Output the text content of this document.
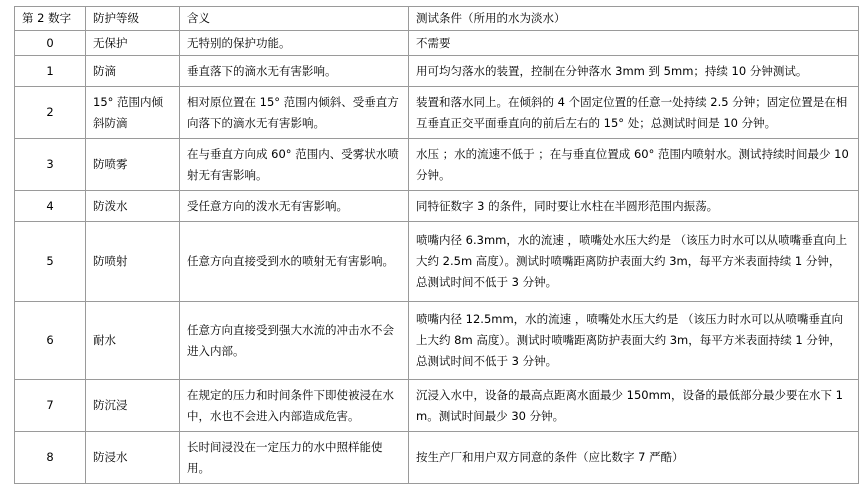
第 2 数字	防护等级	含义	测试条件（所用的水为淡水）
0	无保护	无特别的保护功能。	不需要
1	防滴	垂直落下的滴水无有害影响。	用可均匀落水的装置，控制在分钟落水 3mm 到 5mm；持续 10 分钟测试。
2	15° 范围内倾斜防滴	相对原位置在 15° 范围内倾斜、受垂直方向落下的滴水无有害影响。	装置和落水同上。在倾斜的 4 个固定位置的任意一处持续 2.5 分钟；固定位置是在相互垂直正交平面垂直向的前后左右的 15° 处；总测试时间是 10 分钟。
3	防喷雾	在与垂直方向成 60° 范围内、受雾状水喷射无有害影响。	水压 ；水的流速不低于 ；在与垂直位置成 60° 范围内喷射水。测试持续时间最少 10 分钟。
4	防泼水	受任意方向的泼水无有害影响。	同特征数字 3 的条件，同时要让水柱在半圆形范围内振荡。
5	防喷射	任意方向直接受到水的喷射无有害影响。	喷嘴内径 6.3mm，水的流速 ，喷嘴处水压大约是 （该压力时水可以从喷嘴垂直向上大约 2.5m 高度）。测试时喷嘴距离防护表面大约 3m，每平方米表面持续 1 分钟，总测试时间不低于 3 分钟。
6	耐水	任意方向直接受到强大水流的冲击水不会进入内部。	喷嘴内径 12.5mm，水的流速 ，喷嘴处水压大约是 （该压力时水可以从喷嘴垂直向上大约 8m 高度）。测试时喷嘴距离防护表面大约 3m，每平方米表面持续 1 分钟，总测试时间不低于 3 分钟。
7	防沉浸	在规定的压力和时间条件下即使被浸在水中，水也不会进入内部造成危害。	沉浸入水中，设备的最高点距离水面最少 150mm，设备的最低部分最少要在水下 1m。测试时间最少 30 分钟。
8	防浸水	长时间浸没在一定压力的水中照样能使用。	按生产厂和用户双方同意的条件（应比数字 7 严酷）
